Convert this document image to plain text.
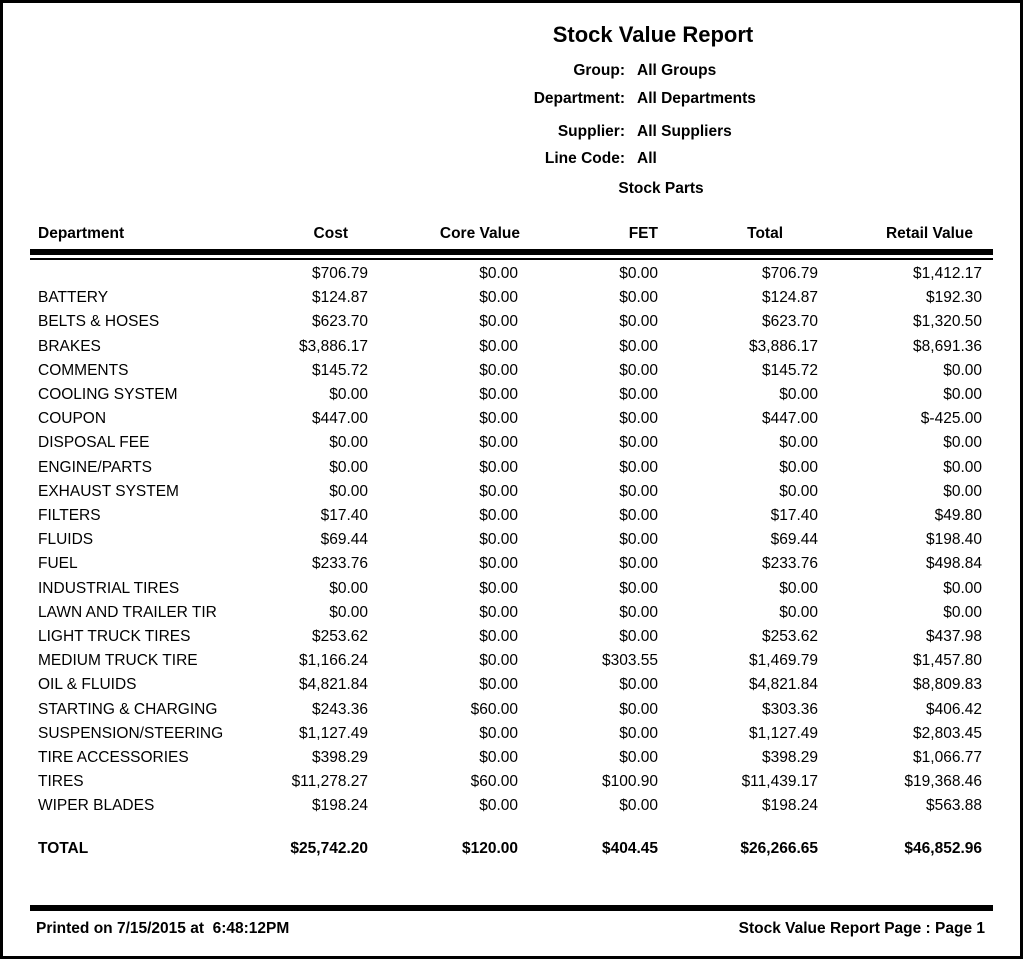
Stock Value Report
Group: All Groups
Department: All Departments
Supplier: All Suppliers
Line Code: All
Stock Parts
Department	Cost	Core Value	FET	Total	Retail Value
	$706.79	$0.00	$0.00	$706.79	$1,412.17
BATTERY	$124.87	$0.00	$0.00	$124.87	$192.30
BELTS & HOSES	$623.70	$0.00	$0.00	$623.70	$1,320.50
BRAKES	$3,886.17	$0.00	$0.00	$3,886.17	$8,691.36
COMMENTS	$145.72	$0.00	$0.00	$145.72	$0.00
COOLING SYSTEM	$0.00	$0.00	$0.00	$0.00	$0.00
COUPON	$447.00	$0.00	$0.00	$447.00	$-425.00
DISPOSAL FEE	$0.00	$0.00	$0.00	$0.00	$0.00
ENGINE/PARTS	$0.00	$0.00	$0.00	$0.00	$0.00
EXHAUST SYSTEM	$0.00	$0.00	$0.00	$0.00	$0.00
FILTERS	$17.40	$0.00	$0.00	$17.40	$49.80
FLUIDS	$69.44	$0.00	$0.00	$69.44	$198.40
FUEL	$233.76	$0.00	$0.00	$233.76	$498.84
INDUSTRIAL TIRES	$0.00	$0.00	$0.00	$0.00	$0.00
LAWN AND TRAILER TIR	$0.00	$0.00	$0.00	$0.00	$0.00
LIGHT TRUCK TIRES	$253.62	$0.00	$0.00	$253.62	$437.98
MEDIUM TRUCK TIRE	$1,166.24	$0.00	$303.55	$1,469.79	$1,457.80
OIL & FLUIDS	$4,821.84	$0.00	$0.00	$4,821.84	$8,809.83
STARTING & CHARGING	$243.36	$60.00	$0.00	$303.36	$406.42
SUSPENSION/STEERING	$1,127.49	$0.00	$0.00	$1,127.49	$2,803.45
TIRE ACCESSORIES	$398.29	$0.00	$0.00	$398.29	$1,066.77
TIRES	$11,278.27	$60.00	$100.90	$11,439.17	$19,368.46
WIPER BLADES	$198.24	$0.00	$0.00	$198.24	$563.88
TOTAL	$25,742.20	$120.00	$404.45	$26,266.65	$46,852.96
Printed on 7/15/2015 at  6:48:12PM	Stock Value Report Page : Page 1
